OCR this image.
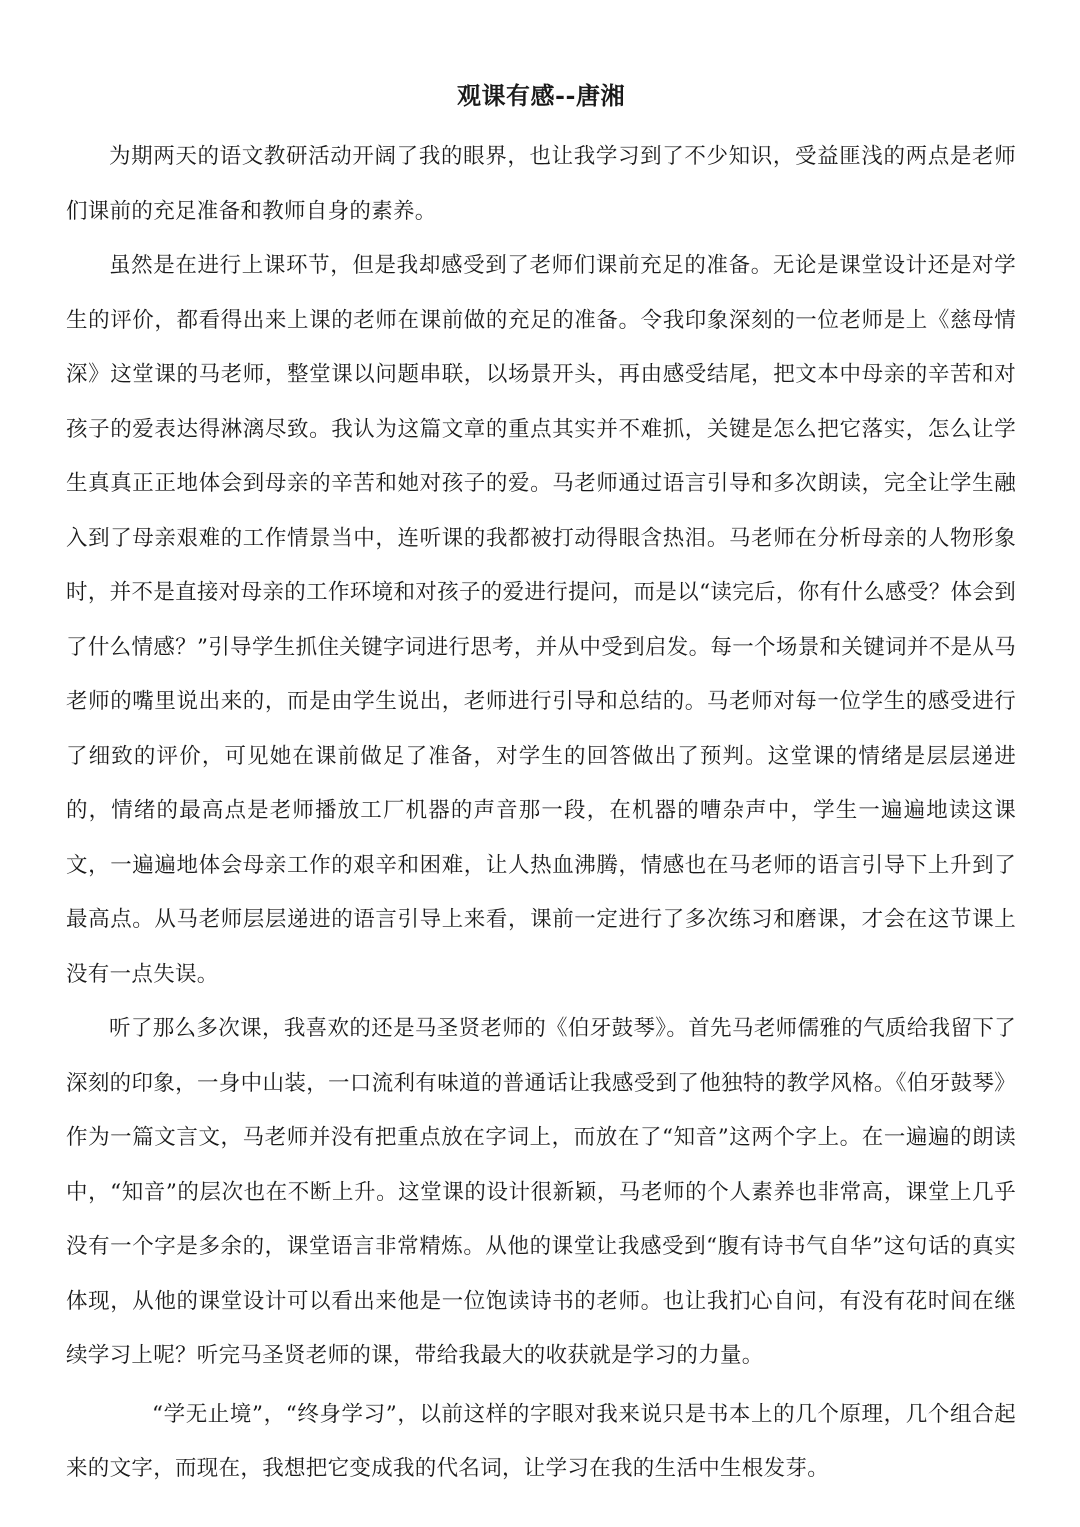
观课有感--唐湘

为期两天的语文教研活动开阔了我的眼界，也让我学习到了不少知识，受益匪浅的两点是老师们课前的充足准备和教师自身的素养。

虽然是在进行上课环节，但是我却感受到了老师们课前充足的准备。无论是课堂设计还是对学生的评价，都看得出来上课的老师在课前做的充足的准备。令我印象深刻的一位老师是上《慈母情深》这堂课的马老师，整堂课以问题串联，以场景开头，再由感受结尾，把文本中母亲的辛苦和对孩子的爱表达得淋漓尽致。我认为这篇文章的重点其实并不难抓，关键是怎么把它落实，怎么让学生真真正正地体会到母亲的辛苦和她对孩子的爱。马老师通过语言引导和多次朗读，完全让学生融入到了母亲艰难的工作情景当中，连听课的我都被打动得眼含热泪。马老师在分析母亲的人物形象时，并不是直接对母亲的工作环境和对孩子的爱进行提问，而是以“读完后，你有什么感受？体会到了什么情感？”引导学生抓住关键字词进行思考，并从中受到启发。每一个场景和关键词并不是从马老师的嘴里说出来的，而是由学生说出，老师进行引导和总结的。马老师对每一位学生的感受进行了细致的评价，可见她在课前做足了准备，对学生的回答做出了预判。这堂课的情绪是层层递进的，情绪的最高点是老师播放工厂机器的声音那一段，在机器的嘈杂声中，学生一遍遍地读这课文，一遍遍地体会母亲工作的艰辛和困难，让人热血沸腾，情感也在马老师的语言引导下上升到了最高点。从马老师层层递进的语言引导上来看，课前一定进行了多次练习和磨课，才会在这节课上没有一点失误。

听了那么多次课，我喜欢的还是马圣贤老师的《伯牙鼓琴》。首先马老师儒雅的气质给我留下了深刻的印象，一身中山装，一口流利有味道的普通话让我感受到了他独特的教学风格。《伯牙鼓琴》作为一篇文言文，马老师并没有把重点放在字词上，而放在了“知音”这两个字上。在一遍遍的朗读中，“知音”的层次也在不断上升。这堂课的设计很新颖，马老师的个人素养也非常高，课堂上几乎没有一个字是多余的，课堂语言非常精炼。从他的课堂让我感受到“腹有诗书气自华”这句话的真实体现，从他的课堂设计可以看出来他是一位饱读诗书的老师。也让我扪心自问，有没有花时间在继续学习上呢？听完马圣贤老师的课，带给我最大的收获就是学习的力量。

“学无止境”，“终身学习”，以前这样的字眼对我来说只是书本上的几个原理，几个组合起来的文字，而现在，我想把它变成我的代名词，让学习在我的生活中生根发芽。
